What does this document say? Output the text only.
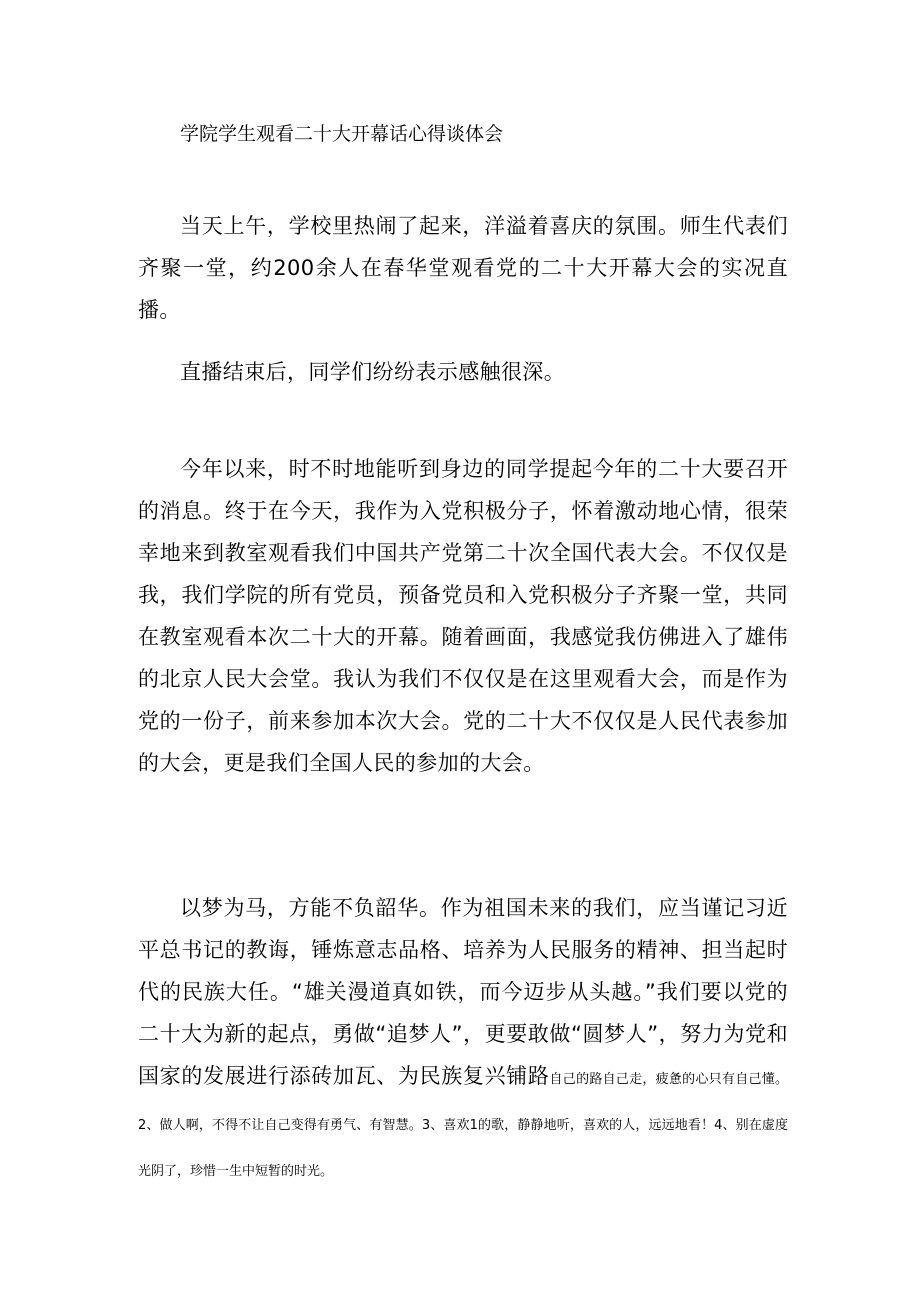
学院学生观看二十大开幕话心得谈体会

当天上午，学校里热闹了起来，洋溢着喜庆的氛围。师生代表们齐聚一堂，约200余人在春华堂观看党的二十大开幕大会的实况直播。

直播结束后，同学们纷纷表示感触很深。

今年以来，时不时地能听到身边的同学提起今年的二十大要召开的消息。终于在今天，我作为入党积极分子，怀着激动地心情，很荣幸地来到教室观看我们中国共产党第二十次全国代表大会。不仅仅是我，我们学院的所有党员，预备党员和入党积极分子齐聚一堂，共同在教室观看本次二十大的开幕。随着画面，我感觉我仿佛进入了雄伟的北京人民大会堂。我认为我们不仅仅是在这里观看大会，而是作为党的一份子，前来参加本次大会。党的二十大不仅仅是人民代表参加的大会，更是我们全国人民的参加的大会。

以梦为马，方能不负韶华。作为祖国未来的我们，应当谨记习近平总书记的教诲，锤炼意志品格、培养为人民服务的精神、担当起时代的民族大任。“雄关漫道真如铁，而今迈步从头越。”我们要以党的二十大为新的起点，勇做“追梦人”，更要敢做“圆梦人”，努力为党和国家的发展进行添砖加瓦、为民族复兴铺路自己的路自己走，疲惫的心只有自己懂。2、做人啊，不得不让自己变得有勇气、有智慧。3、喜欢1的歌，静静地听，喜欢的人，远远地看！4、别在虚度光阴了，珍惜一生中短暂的时光。
